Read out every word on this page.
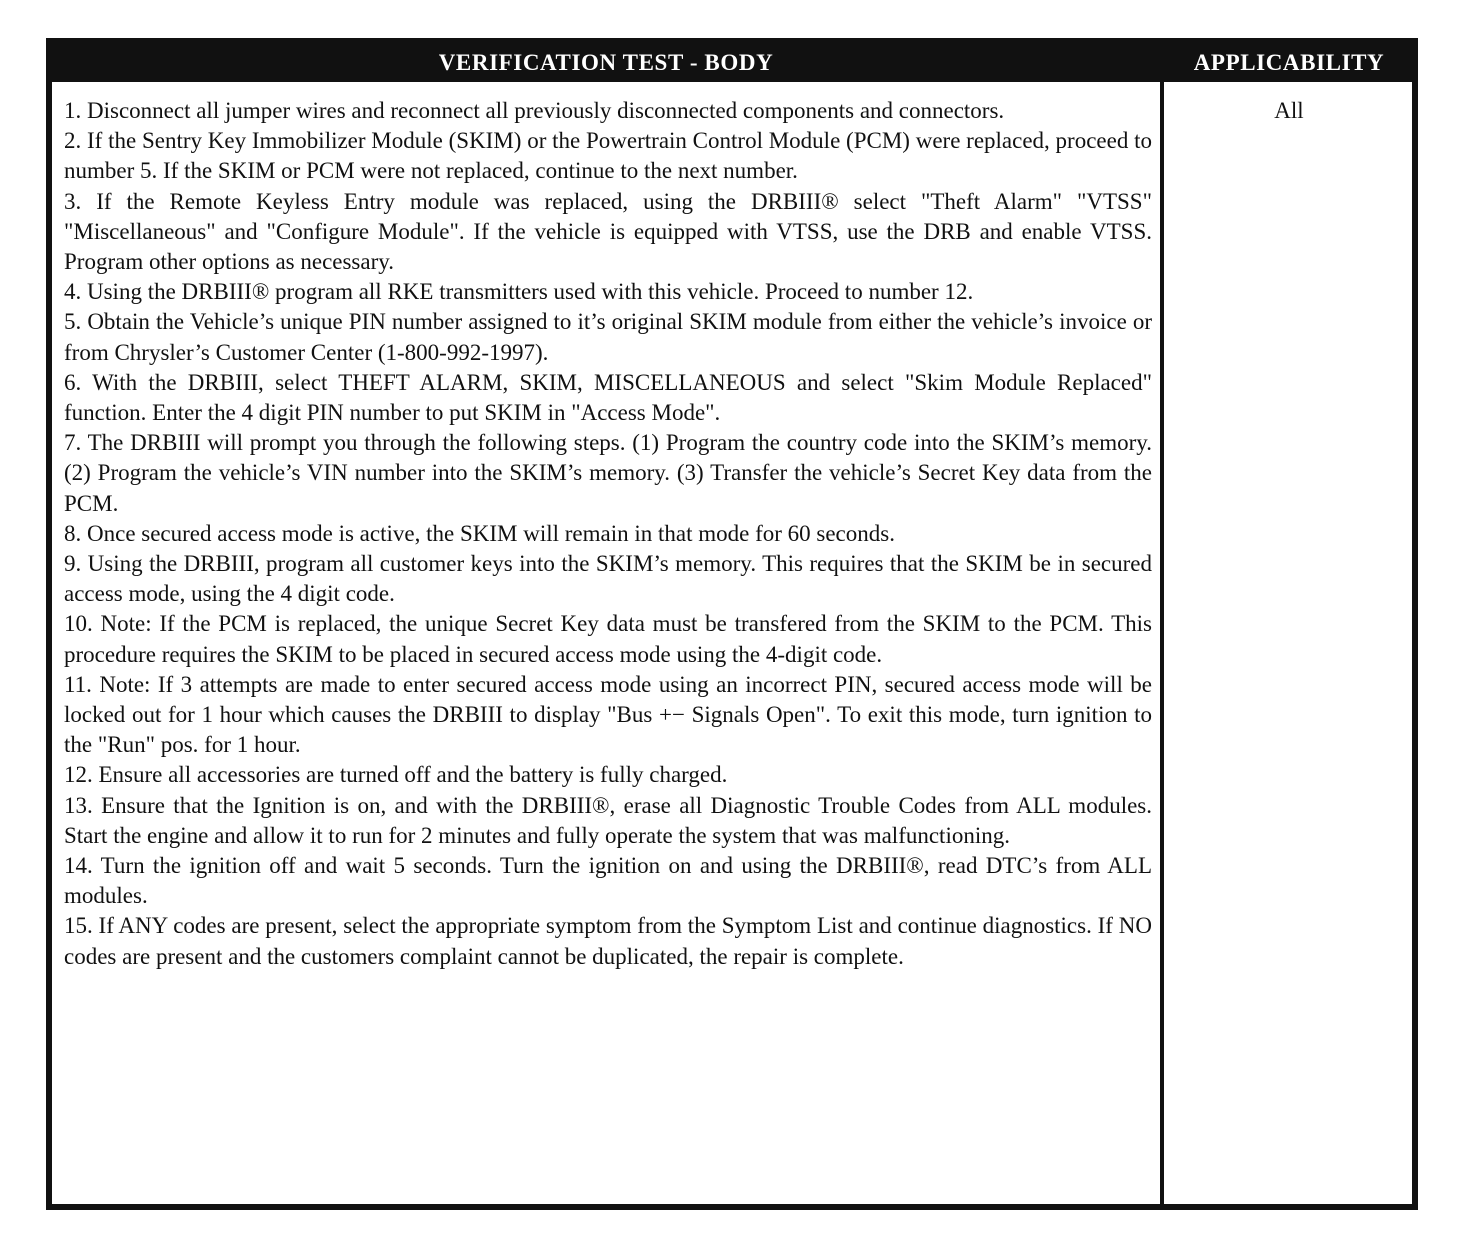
VERIFICATION TEST - BODY	APPLICABILITY

1. Disconnect all jumper wires and reconnect all previously disconnected components and connectors.

2. If the Sentry Key Immobilizer Module (SKIM) or the Powertrain Control Module (PCM) were replaced, proceed to number 5. If the SKIM or PCM were not replaced, continue to the next number.

3. If the Remote Keyless Entry module was replaced, using the DRBIII® select "Theft Alarm" "VTSS" "Miscellaneous" and "Configure Module". If the vehicle is equipped with VTSS, use the DRB and enable VTSS. Program other options as necessary.

4. Using the DRBIII® program all RKE transmitters used with this vehicle. Proceed to number 12.

5. Obtain the Vehicle’s unique PIN number assigned to it’s original SKIM module from either the vehicle’s invoice or from Chrysler’s Customer Center (1-800-992-1997).

6. With the DRBIII, select THEFT ALARM, SKIM, MISCELLANEOUS and select "Skim Module Replaced" function. Enter the 4 digit PIN number to put SKIM in "Access Mode".

7. The DRBIII will prompt you through the following steps. (1) Program the country code into the SKIM’s memory. (2) Program the vehicle’s VIN number into the SKIM’s memory. (3) Transfer the vehicle’s Secret Key data from the PCM.

8. Once secured access mode is active, the SKIM will remain in that mode for 60 seconds.

9. Using the DRBIII, program all customer keys into the SKIM’s memory. This requires that the SKIM be in secured access mode, using the 4 digit code.

10. Note: If the PCM is replaced, the unique Secret Key data must be transfered from the SKIM to the PCM. This procedure requires the SKIM to be placed in secured access mode using the 4-digit code.

11. Note: If 3 attempts are made to enter secured access mode using an incorrect PIN, secured access mode will be locked out for 1 hour which causes the DRBIII to display "Bus +− Signals Open". To exit this mode, turn ignition to the "Run" pos. for 1 hour.

12. Ensure all accessories are turned off and the battery is fully charged.

13. Ensure that the Ignition is on, and with the DRBIII®, erase all Diagnostic Trouble Codes from ALL modules. Start the engine and allow it to run for 2 minutes and fully operate the system that was malfunctioning.

14. Turn the ignition off and wait 5 seconds. Turn the ignition on and using the DRBIII®, read DTC’s from ALL modules.

15. If ANY codes are present, select the appropriate symptom from the Symptom List and continue diagnostics. If NO codes are present and the customers complaint cannot be duplicated, the repair is complete.

All
